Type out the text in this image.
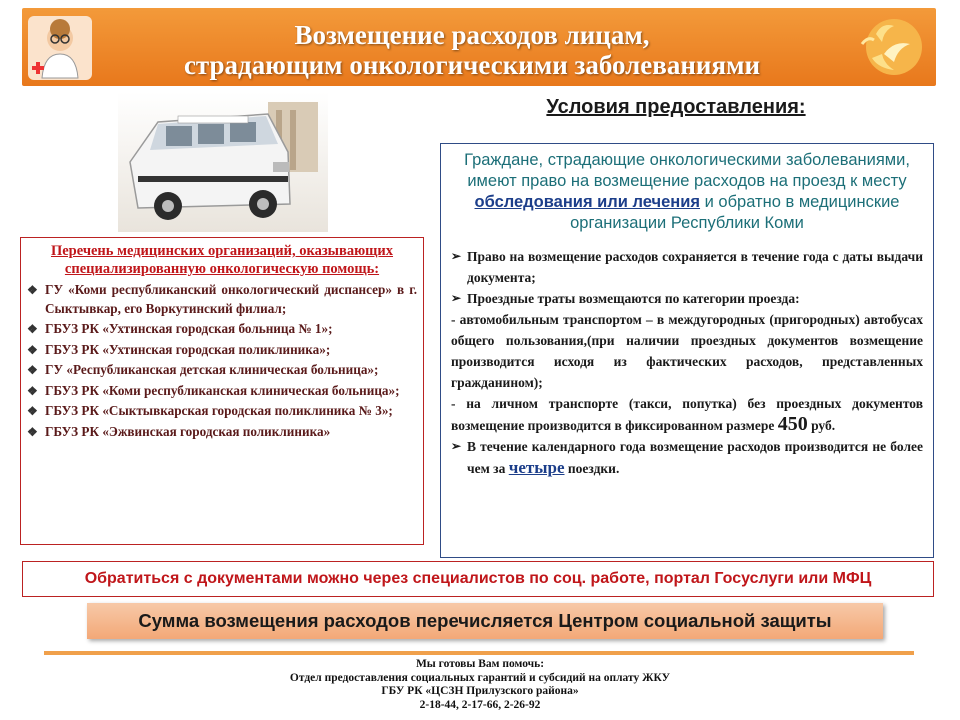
Возмещение расходов лицам,
страдающим онкологическими заболеваниями
Условия предоставления:
Перечень медицинских организаций, оказывающих специализированную онкологическую помощь:
❖ ГУ «Коми республиканский онкологический диспансер» в г. Сыктывкар, его Воркутинский филиал;
❖ ГБУЗ РК «Ухтинская городская больница № 1»;
❖ ГБУЗ РК «Ухтинская городская поликлиника»;
❖ ГУ «Республиканская детская клиническая больница»;
❖ ГБУЗ РК «Коми республиканская клиническая больница»;
❖ ГБУЗ РК «Сыктывкарская городская поликлиника № 3»;
❖ ГБУЗ РК «Эжвинская городская поликлиника»

Граждане, страдающие онкологическими заболеваниями, имеют право на возмещение расходов на проезд к месту обследования или лечения и обратно в медицинские организации Республики Коми

➢ Право на возмещение расходов сохраняется в течение года с даты выдачи документа;

➢ Проездные траты возмещаются по категории проезда:

- автомобильным транспортом – в междугородных (пригородных) автобусах общего пользования,(при наличии проездных документов возмещение производится исходя из фактических расходов, представленных гражданином);

- на личном транспорте (такси, попутка) без проездных документов возмещение производится в фиксированном размере 450 руб.

➢ В течение календарного года возмещение расходов производится не более чем за четыре поездки.

Обратиться с документами можно через специалистов по соц. работе, портал Госуслуги или МФЦ
Сумма возмещения расходов перечисляется Центром социальной защиты
Мы готовы Вам помочь:
Отдел предоставления социальных гарантий и субсидий на оплату ЖКУ
ГБУ РК «ЦСЗН Прилузского района»
2-18-44, 2-17-66, 2-26-92
